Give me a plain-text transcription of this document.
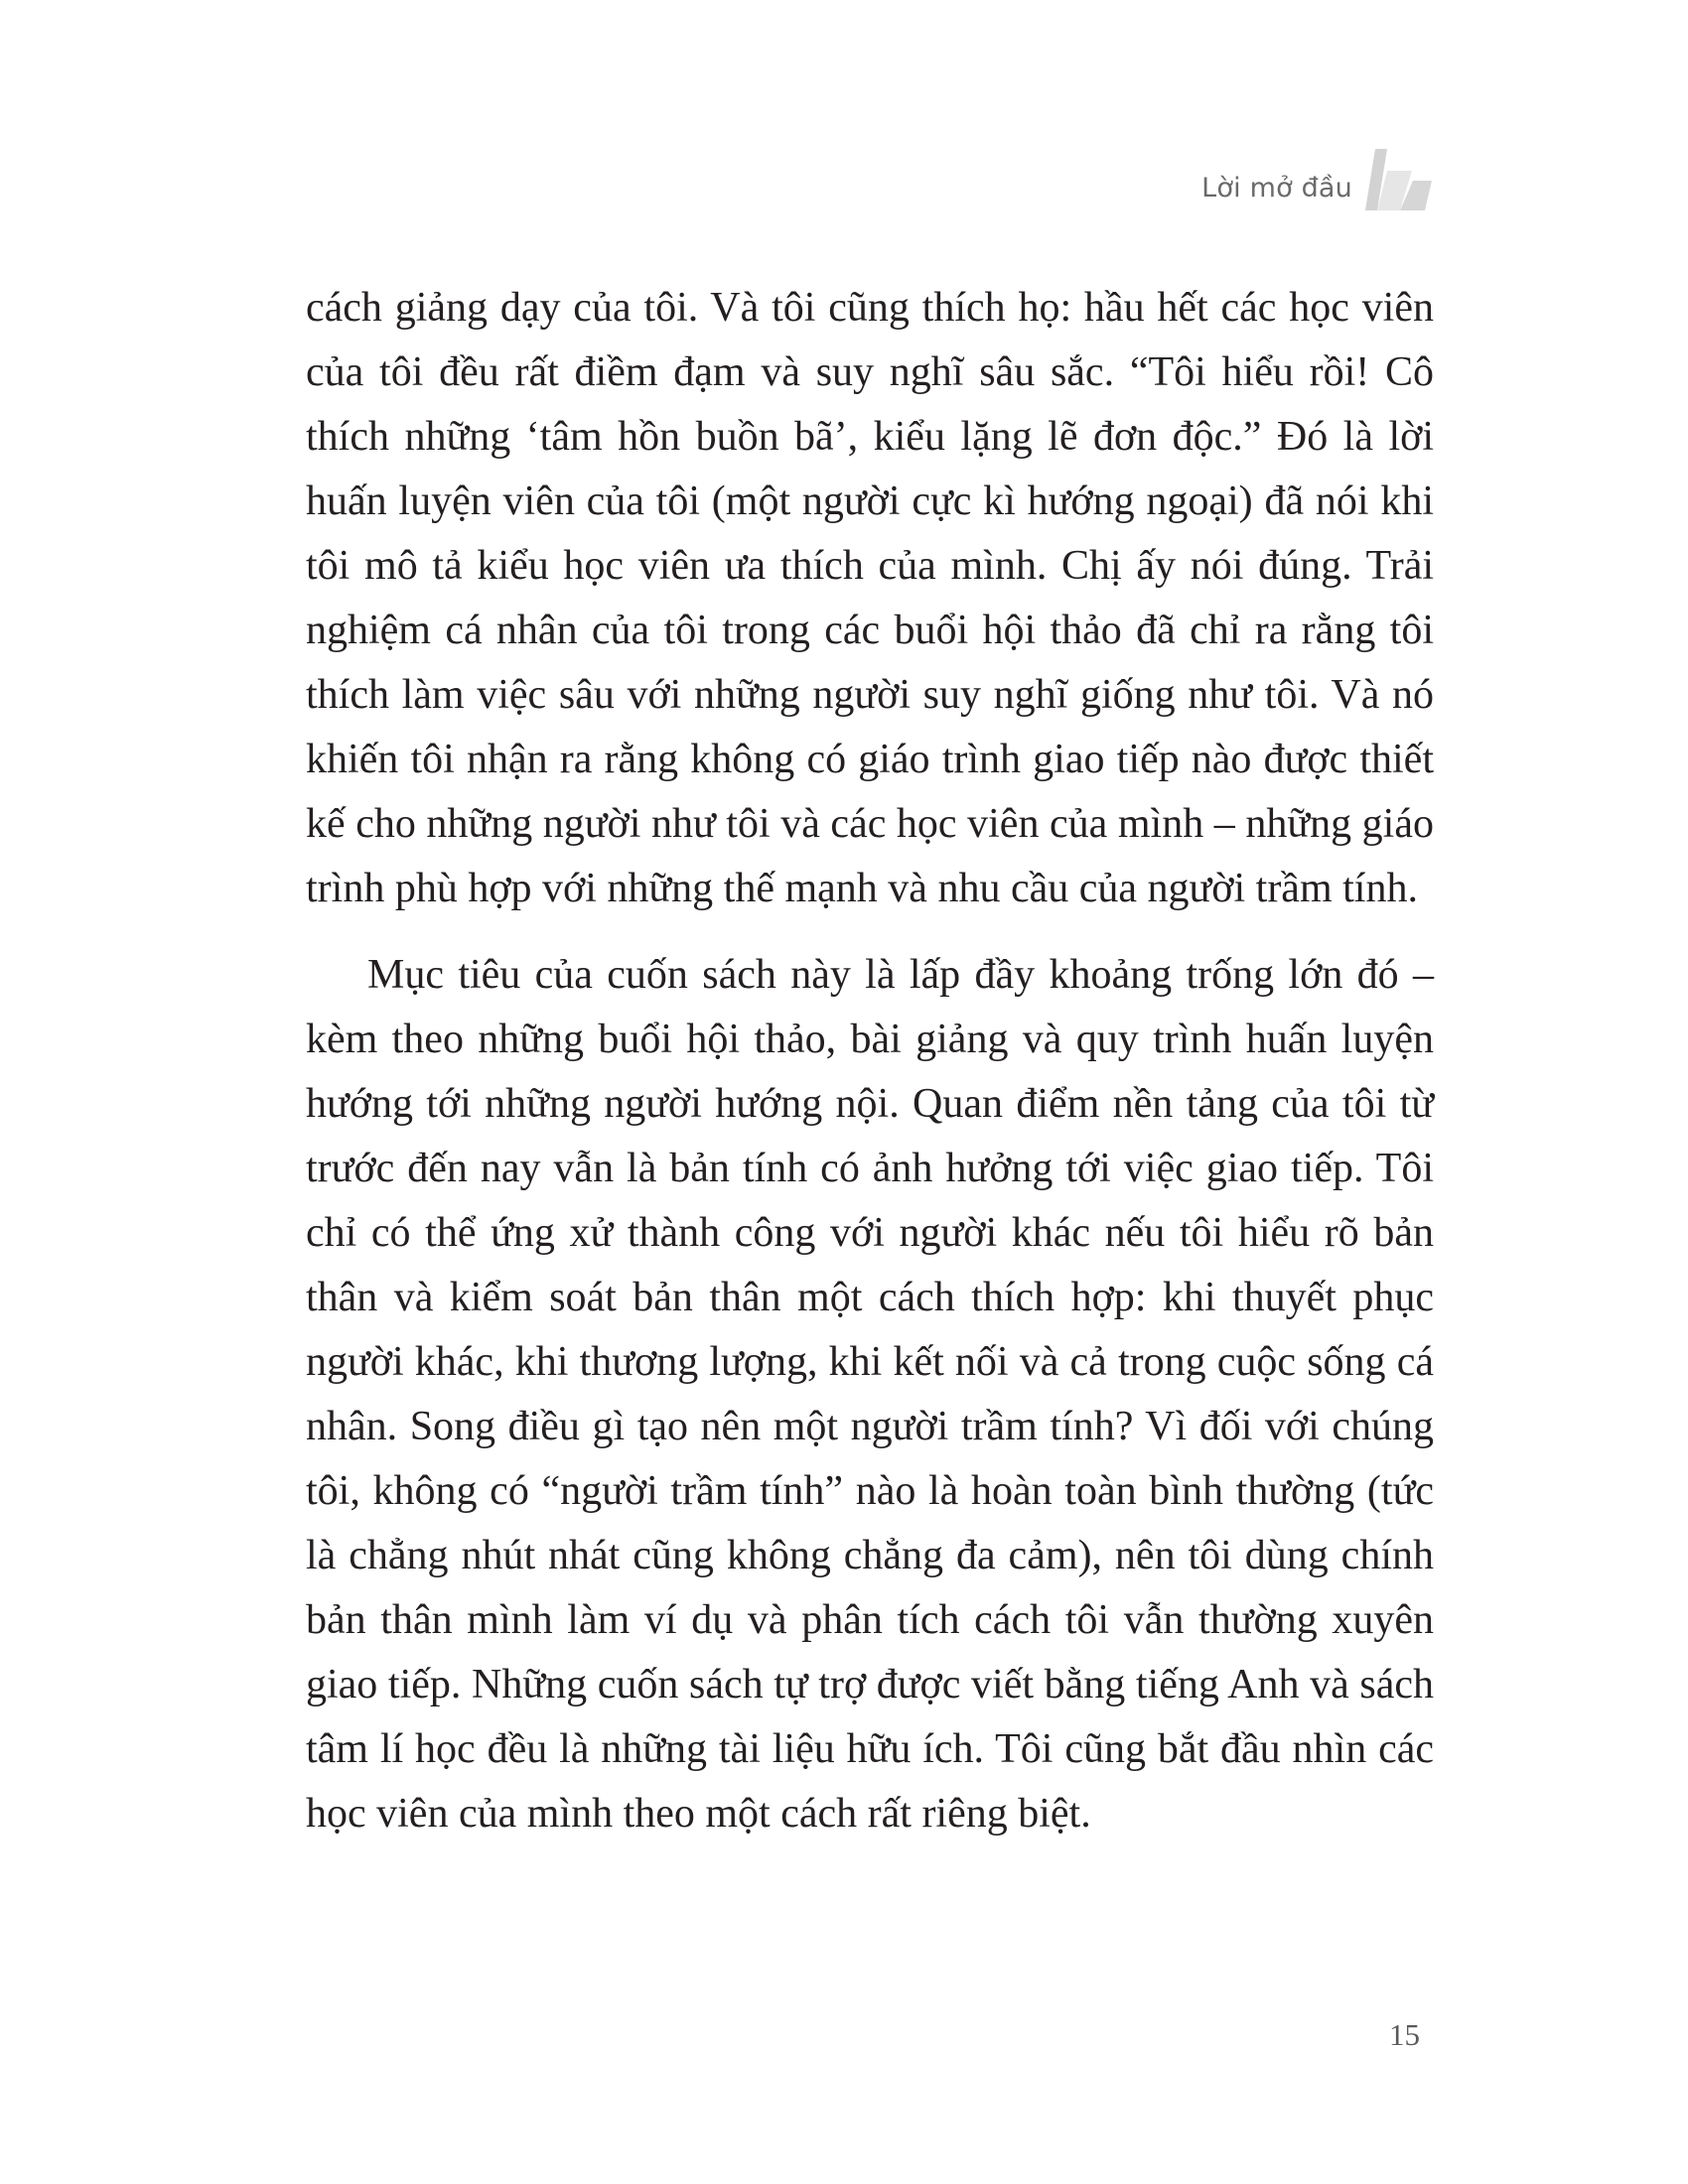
Lời mở đầu

cách giảng dạy của tôi. Và tôi cũng thích họ: hầu hết các học viên của tôi đều rất điềm đạm và suy nghĩ sâu sắc. “Tôi hiểu rồi! Cô thích những ‘tâm hồn buồn bã’, kiểu lặng lẽ đơn độc.” Đó là lời huấn luyện viên của tôi (một người cực kì hướng ngoại) đã nói khi tôi mô tả kiểu học viên ưa thích của mình. Chị ấy nói đúng. Trải nghiệm cá nhân của tôi trong các buổi hội thảo đã chỉ ra rằng tôi thích làm việc sâu với những người suy nghĩ giống như tôi. Và nó khiến tôi nhận ra rằng không có giáo trình giao tiếp nào được thiết kế cho những người như tôi và các học viên của mình – những giáo trình phù hợp với những thế mạnh và nhu cầu của người trầm tính.

Mục tiêu của cuốn sách này là lấp đầy khoảng trống lớn đó – kèm theo những buổi hội thảo, bài giảng và quy trình huấn luyện hướng tới những người hướng nội. Quan điểm nền tảng của tôi từ trước đến nay vẫn là bản tính có ảnh hưởng tới việc giao tiếp. Tôi chỉ có thể ứng xử thành công với người khác nếu tôi hiểu rõ bản thân và kiểm soát bản thân một cách thích hợp: khi thuyết phục người khác, khi thương lượng, khi kết nối và cả trong cuộc sống cá nhân. Song điều gì tạo nên một người trầm tính? Vì đối với chúng tôi, không có “người trầm tính” nào là hoàn toàn bình thường (tức là chẳng nhút nhát cũng không chẳng đa cảm), nên tôi dùng chính bản thân mình làm ví dụ và phân tích cách tôi vẫn thường xuyên giao tiếp. Những cuốn sách tự trợ được viết bằng tiếng Anh và sách tâm lí học đều là những tài liệu hữu ích. Tôi cũng bắt đầu nhìn các học viên của mình theo một cách rất riêng biệt.

15
